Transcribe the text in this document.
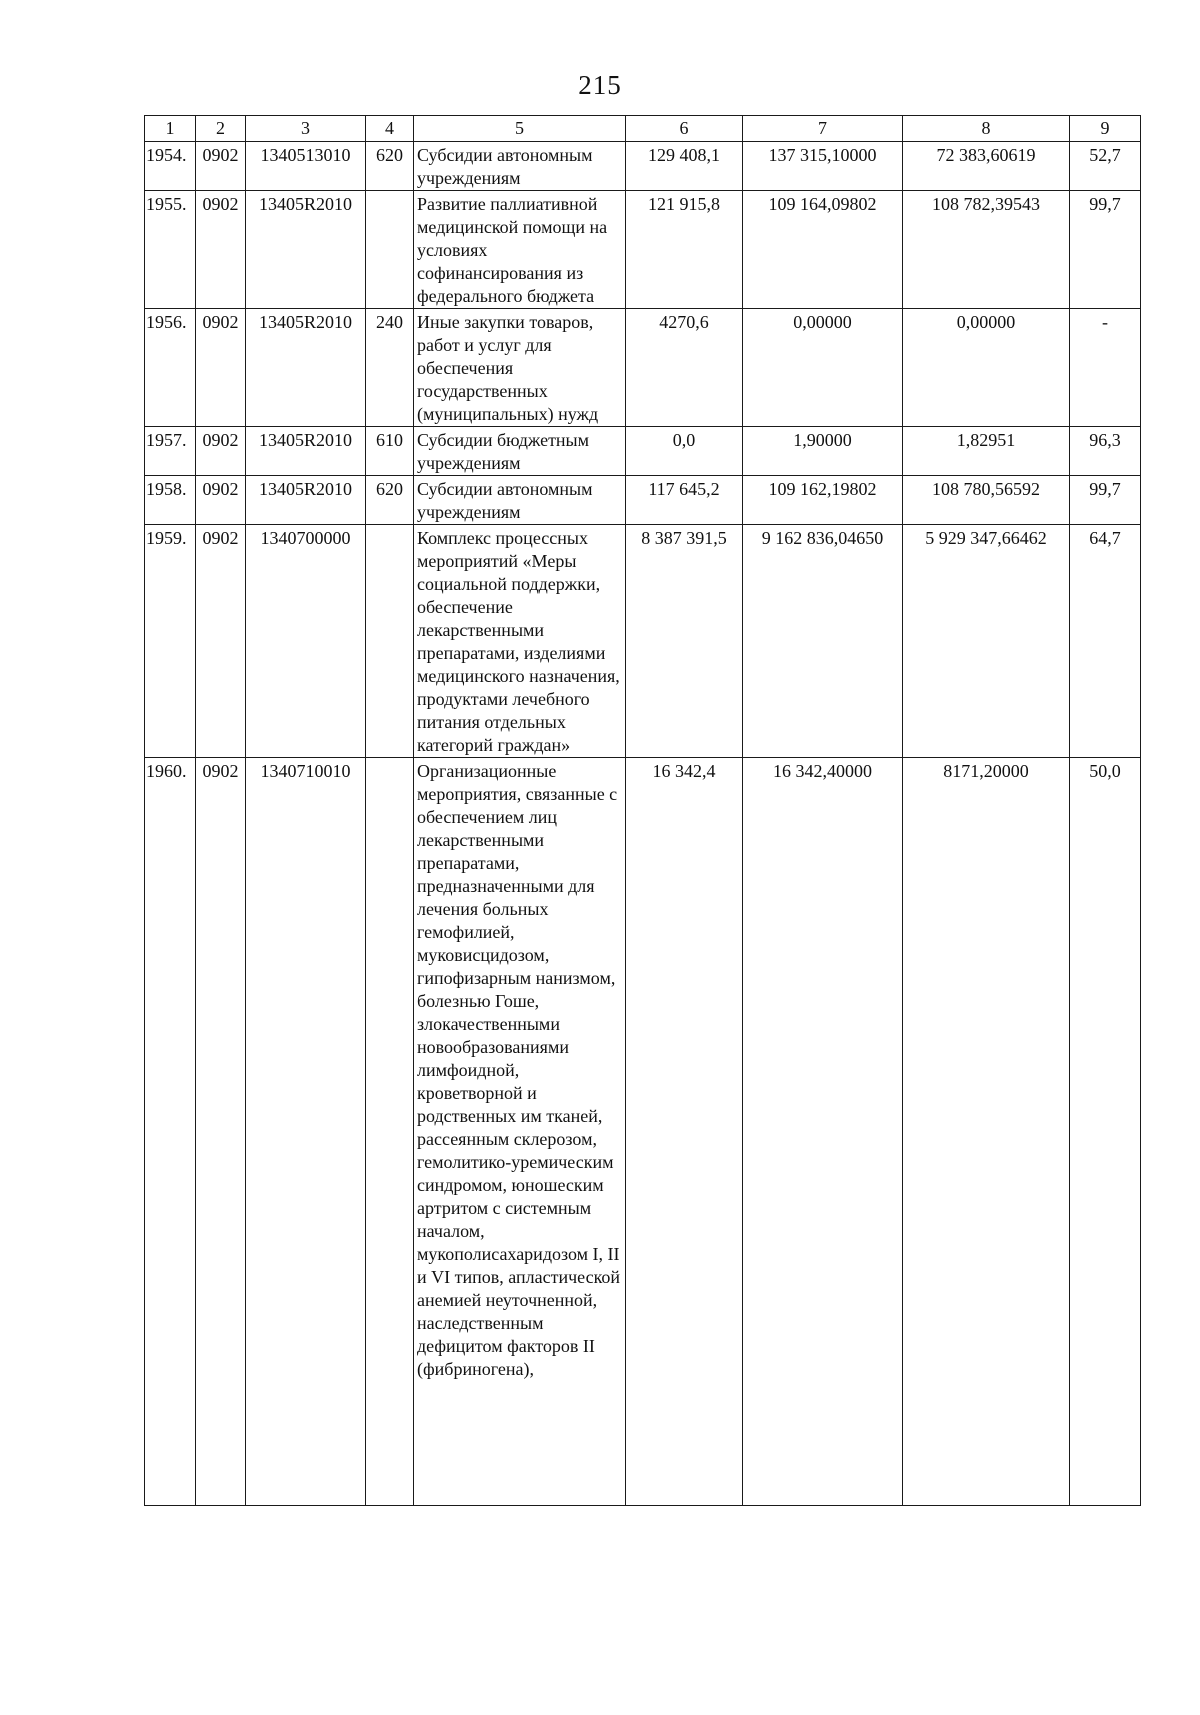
215
1	2	3	4	5	6	7	8	9
1954.	0902	1340513010	620	Субсидии автономным учреждениям	129 408,1	137 315,10000	72 383,60619	52,7
1955.	0902	13405R2010		Развитие паллиативной медицинской помощи на условиях софинансирования из федерального бюджета	121 915,8	109 164,09802	108 782,39543	99,7
1956.	0902	13405R2010	240	Иные закупки товаров, работ и услуг для обеспечения государственных (муниципальных) нужд	4270,6	0,00000	0,00000	-
1957.	0902	13405R2010	610	Субсидии бюджетным учреждениям	0,0	1,90000	1,82951	96,3
1958.	0902	13405R2010	620	Субсидии автономным учреждениям	117 645,2	109 162,19802	108 780,56592	99,7
1959.	0902	1340700000		Комплекс процессных мероприятий «Меры социальной поддержки, обеспечение лекарственными препаратами, изделиями медицинского назначения, продуктами лечебного питания отдельных категорий граждан»	8 387 391,5	9 162 836,04650	5 929 347,66462	64,7
1960.	0902	1340710010		Организационные мероприятия, связанные с обеспечением лиц лекарственными препаратами, предназначенными для лечения больных гемофилией, муковисцидозом, гипофизарным нанизмом, болезнью Гоше, злокачественными новообразованиями лимфоидной, кроветворной и родственных им тканей, рассеянным склерозом, гемолитико-уремическим синдромом, юношеским артритом с системным началом, мукополисахаридозом I, II и VI типов, апластической анемией неуточненной, наследственным дефицитом факторов II (фибриногена),	16 342,4	16 342,40000	8171,20000	50,0
